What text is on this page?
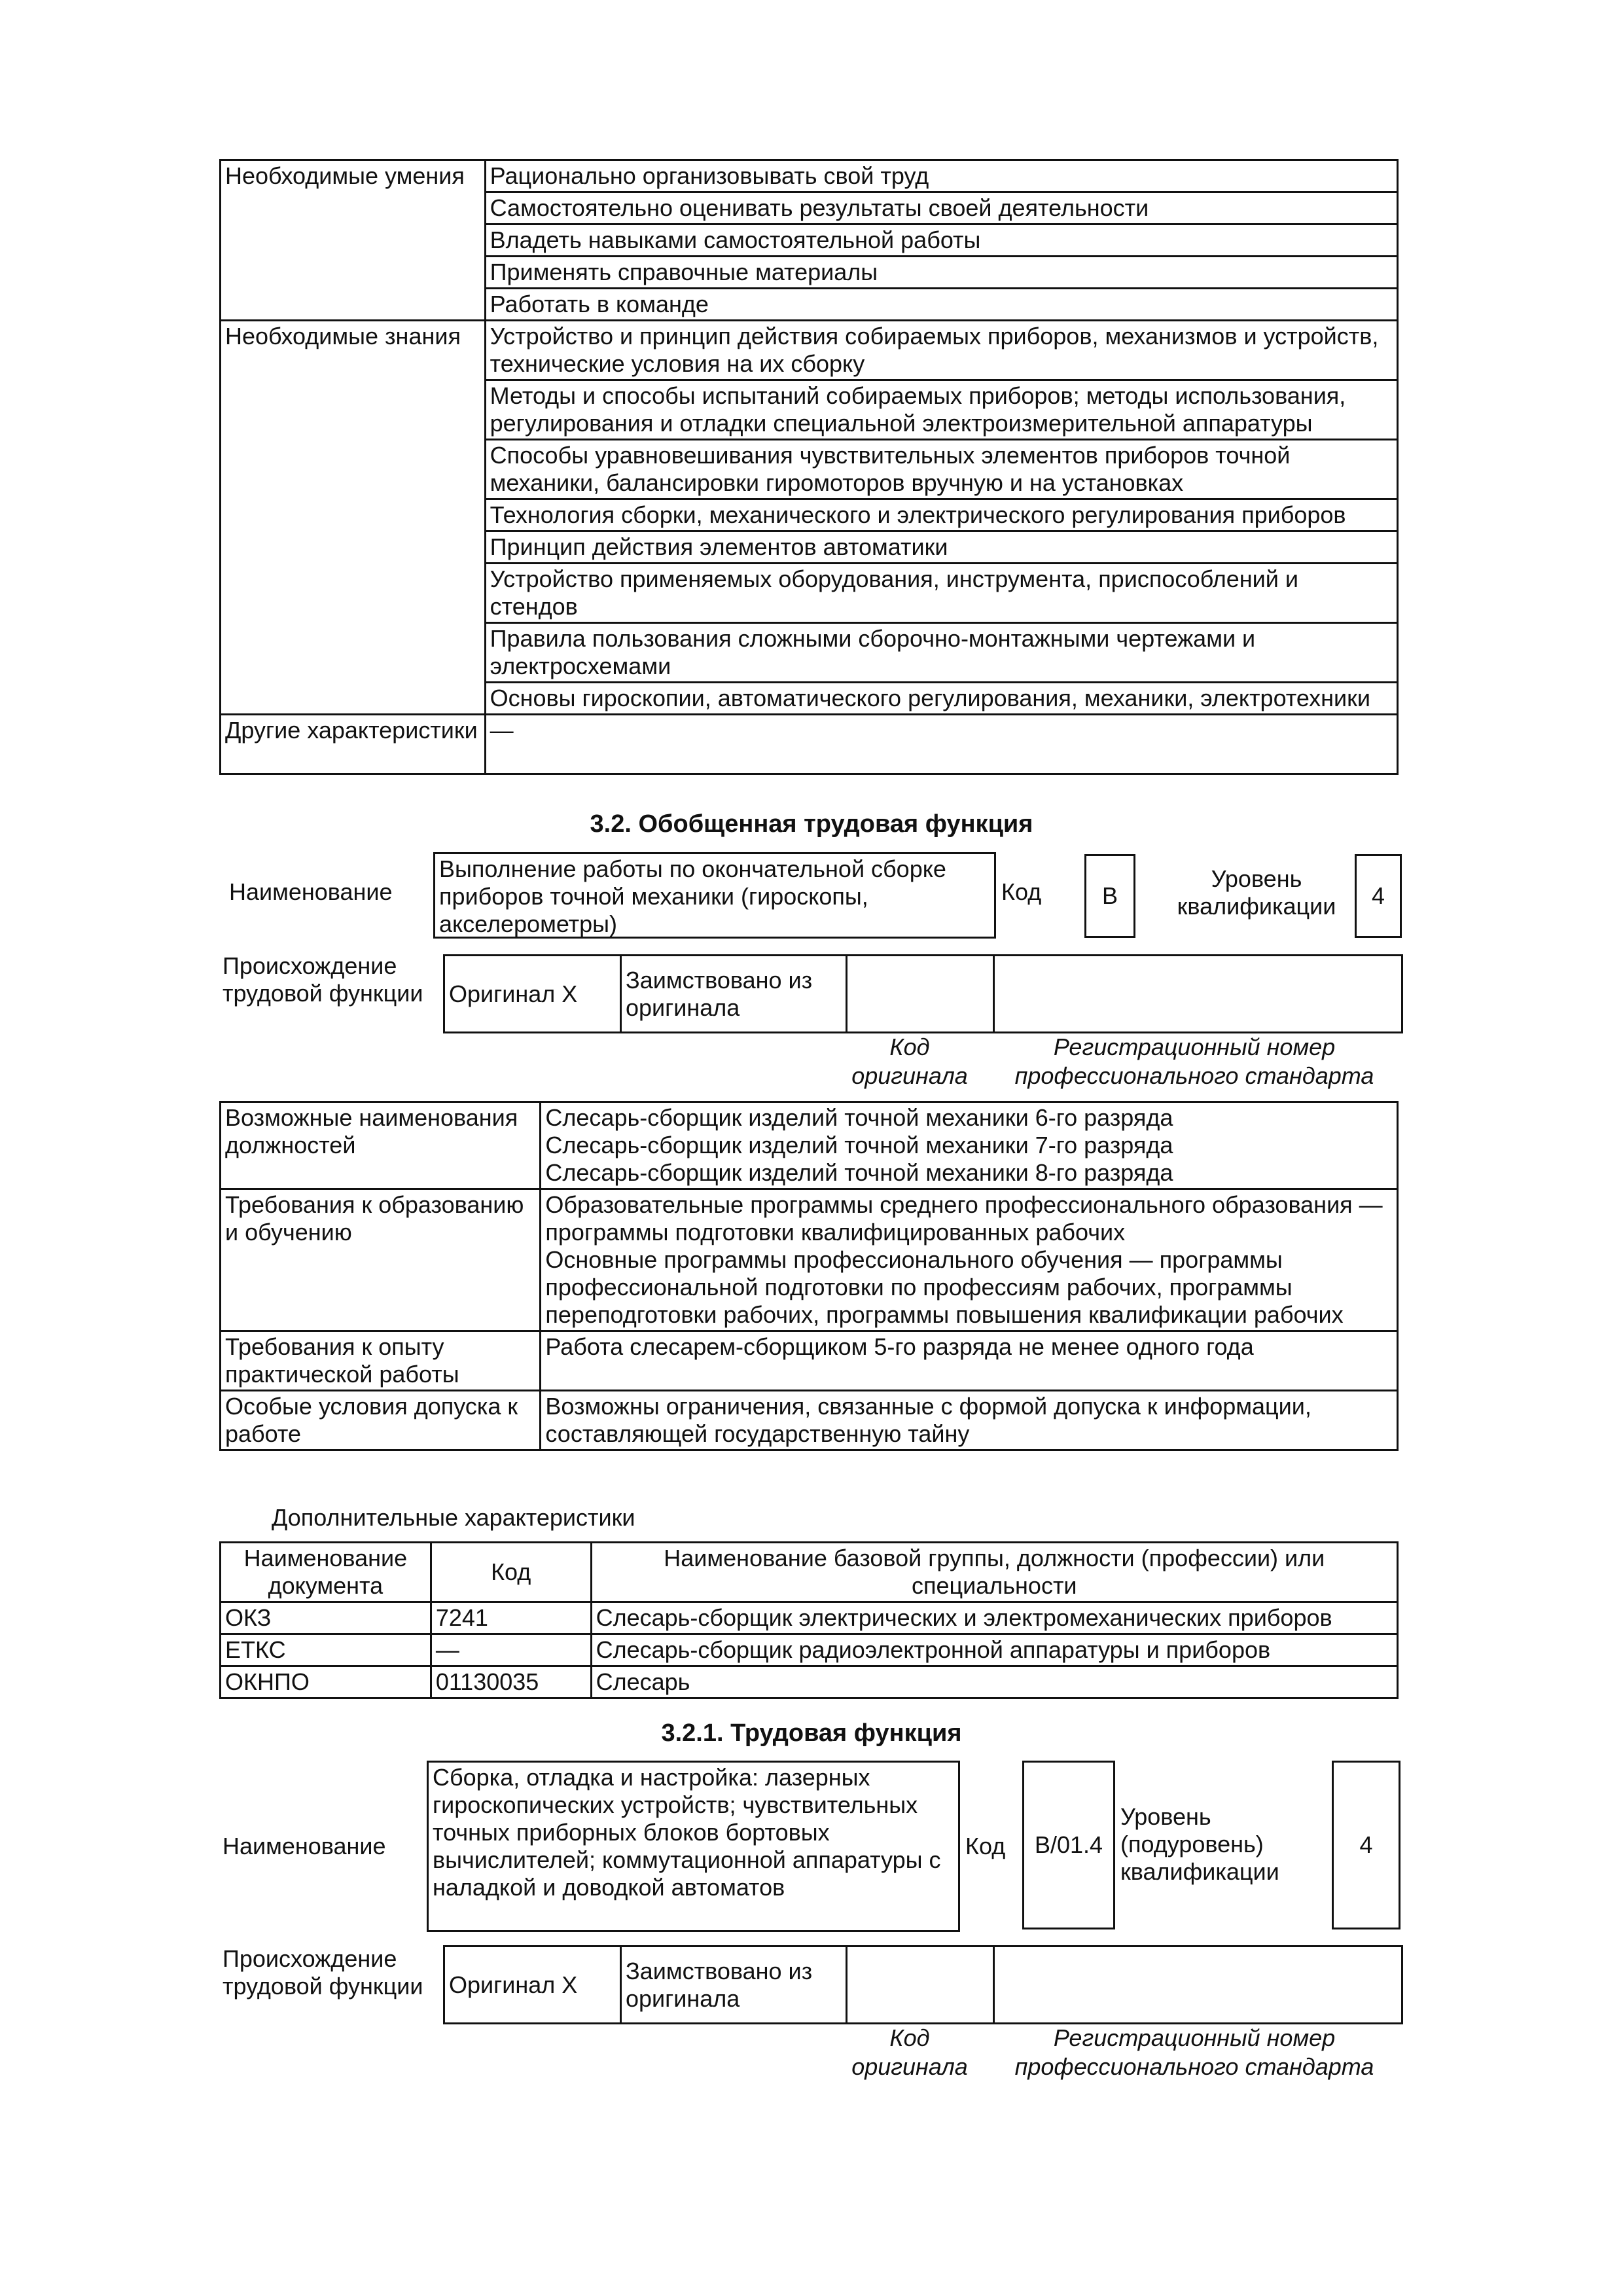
Необходимые умения	Рационально организовывать свой труд
	Самостоятельно оценивать результаты своей деятельности
	Владеть навыками самостоятельной работы
	Применять справочные материалы
	Работать в команде
Необходимые знания	Устройство и принцип действия собираемых приборов, механизмов и устройств, технические условия на их сборку
	Методы и способы испытаний собираемых приборов; методы использования, регулирования и отладки специальной электроизмерительной аппаратуры
	Способы уравновешивания чувствительных элементов приборов точной механики, балансировки гиромоторов вручную и на установках
	Технология сборки, механического и электрического регулирования приборов
	Принцип действия элементов автоматики
	Устройство применяемых оборудования, инструмента, приспособлений и стендов
	Правила пользования сложными сборочно-монтажными чертежами и электросхемами
	Основы гироскопии, автоматического регулирования, механики, электротехники
Другие характеристики	—
3.2. Обобщенная трудовая функция
Наименование
Выполнение работы по окончательной сборке приборов точной механики (гироскопы, акселерометры)
Код	В
Уровень квалификации	4
Происхождение трудовой функции	Оригинал Х	Заимствовано из оригинала		
Код оригинала
Регистрационный номер профессионального стандарта
Возможные наименования должностей	Слесарь-сборщик изделий точной механики 6-го разряда
Слесарь-сборщик изделий точной механики 7-го разряда
Слесарь-сборщик изделий точной механики 8-го разряда
Требования к образованию и обучению	Образовательные программы среднего профессионального образования — программы подготовки квалифицированных рабочих
Основные программы профессионального обучения — программы профессиональной подготовки по профессиям рабочих, программы переподготовки рабочих, программы повышения квалификации рабочих
Требования к опыту практической работы	Работа слесарем-сборщиком 5-го разряда не менее одного года
Особые условия допуска к работе	Возможны ограничения, связанные с формой допуска к информации, составляющей государственную тайну
Дополнительные характеристики
Наименование документа	Код	Наименование базовой группы, должности (профессии) или специальности
ОКЗ	7241	Слесарь-сборщик электрических и электромеханических приборов
ЕТКС	—	Слесарь-сборщик радиоэлектронной аппаратуры и приборов
ОКНПО	01130035	Слесарь
3.2.1. Трудовая функция
Наименование
Сборка, отладка и настройка: лазерных гироскопических устройств; чувствительных точных приборных блоков бортовых вычислителей; коммутационной аппаратуры с наладкой и доводкой автоматов
Код	B/01.4
Уровень (подуровень) квалификации
4
Происхождение трудовой функции	Оригинал Х	Заимствовано из оригинала		
Код оригинала
Регистрационный номер профессионального стандарта
